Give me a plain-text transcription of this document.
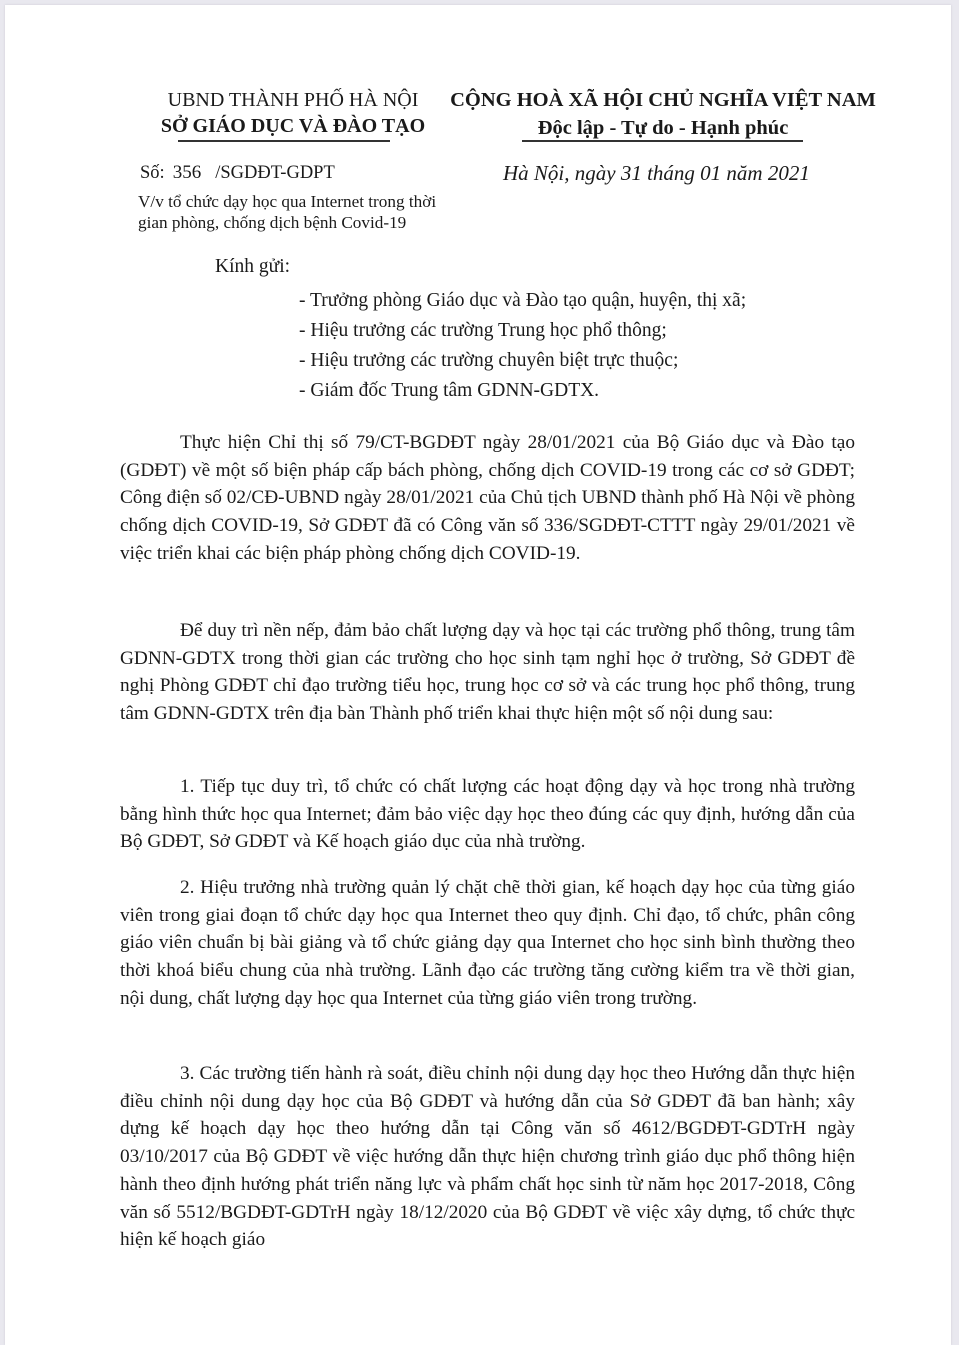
UBND THÀNH PHỐ HÀ NỘI
SỞ GIÁO DỤC VÀ ĐÀO TẠO
CỘNG HOÀ XÃ HỘI CHỦ NGHĨA VIỆT NAM
Độc lập - Tự do - Hạnh phúc
Số: 356 /SGDĐT-GDPT	Hà Nội, ngày 31 tháng 01 năm 2021
V/v tổ chức dạy học qua Internet trong thời
gian phòng, chống dịch bệnh Covid-19
Kính gửi:
- Trưởng phòng Giáo dục và Đào tạo quận, huyện, thị xã;
- Hiệu trưởng các trường Trung học phổ thông;
- Hiệu trưởng các trường chuyên biệt trực thuộc;
- Giám đốc Trung tâm GDNN-GDTX.

Thực hiện Chỉ thị số 79/CT-BGDĐT ngày 28/01/2021 của Bộ Giáo dục và Đào tạo (GDĐT) về một số biện pháp cấp bách phòng, chống dịch COVID-19 trong các cơ sở GDĐT; Công điện số 02/CĐ-UBND ngày 28/01/2021 của Chủ tịch UBND thành phố Hà Nội về phòng chống dịch COVID-19, Sở GDĐT đã có Công văn số 336/SGDĐT-CTTT ngày 29/01/2021 về việc triển khai các biện pháp phòng chống dịch COVID-19.

Để duy trì nền nếp, đảm bảo chất lượng dạy và học tại các trường phổ thông, trung tâm GDNN-GDTX trong thời gian các trường cho học sinh tạm nghỉ học ở trường, Sở GDĐT đề nghị Phòng GDĐT chỉ đạo trường tiểu học, trung học cơ sở và các trung học phổ thông, trung tâm GDNN-GDTX trên địa bàn Thành phố triển khai thực hiện một số nội dung sau:

1. Tiếp tục duy trì, tổ chức có chất lượng các hoạt động dạy và học trong nhà trường bằng hình thức học qua Internet; đảm bảo việc dạy học theo đúng các quy định, hướng dẫn của Bộ GDĐT, Sở GDĐT và Kế hoạch giáo dục của nhà trường.

2. Hiệu trưởng nhà trường quản lý chặt chẽ thời gian, kế hoạch dạy học của từng giáo viên trong giai đoạn tổ chức dạy học qua Internet theo quy định. Chỉ đạo, tổ chức, phân công giáo viên chuẩn bị bài giảng và tổ chức giảng dạy qua Internet cho học sinh bình thường theo thời khoá biểu chung của nhà trường. Lãnh đạo các trường tăng cường kiểm tra về thời gian, nội dung, chất lượng dạy học qua Internet của từng giáo viên trong trường.

3. Các trường tiến hành rà soát, điều chỉnh nội dung dạy học theo Hướng dẫn thực hiện điều chỉnh nội dung dạy học của Bộ GDĐT và hướng dẫn của Sở GDĐT đã ban hành; xây dựng kế hoạch dạy học theo hướng dẫn tại Công văn số 4612/BGDĐT-GDTrH ngày 03/10/2017 của Bộ GDĐT về việc hướng dẫn thực hiện chương trình giáo dục phổ thông hiện hành theo định hướng phát triển năng lực và phẩm chất học sinh từ năm học 2017-2018, Công văn số 5512/BGDĐT-GDTrH ngày 18/12/2020 của Bộ GDĐT về việc xây dựng, tổ chức thực hiện kế hoạch giáo
